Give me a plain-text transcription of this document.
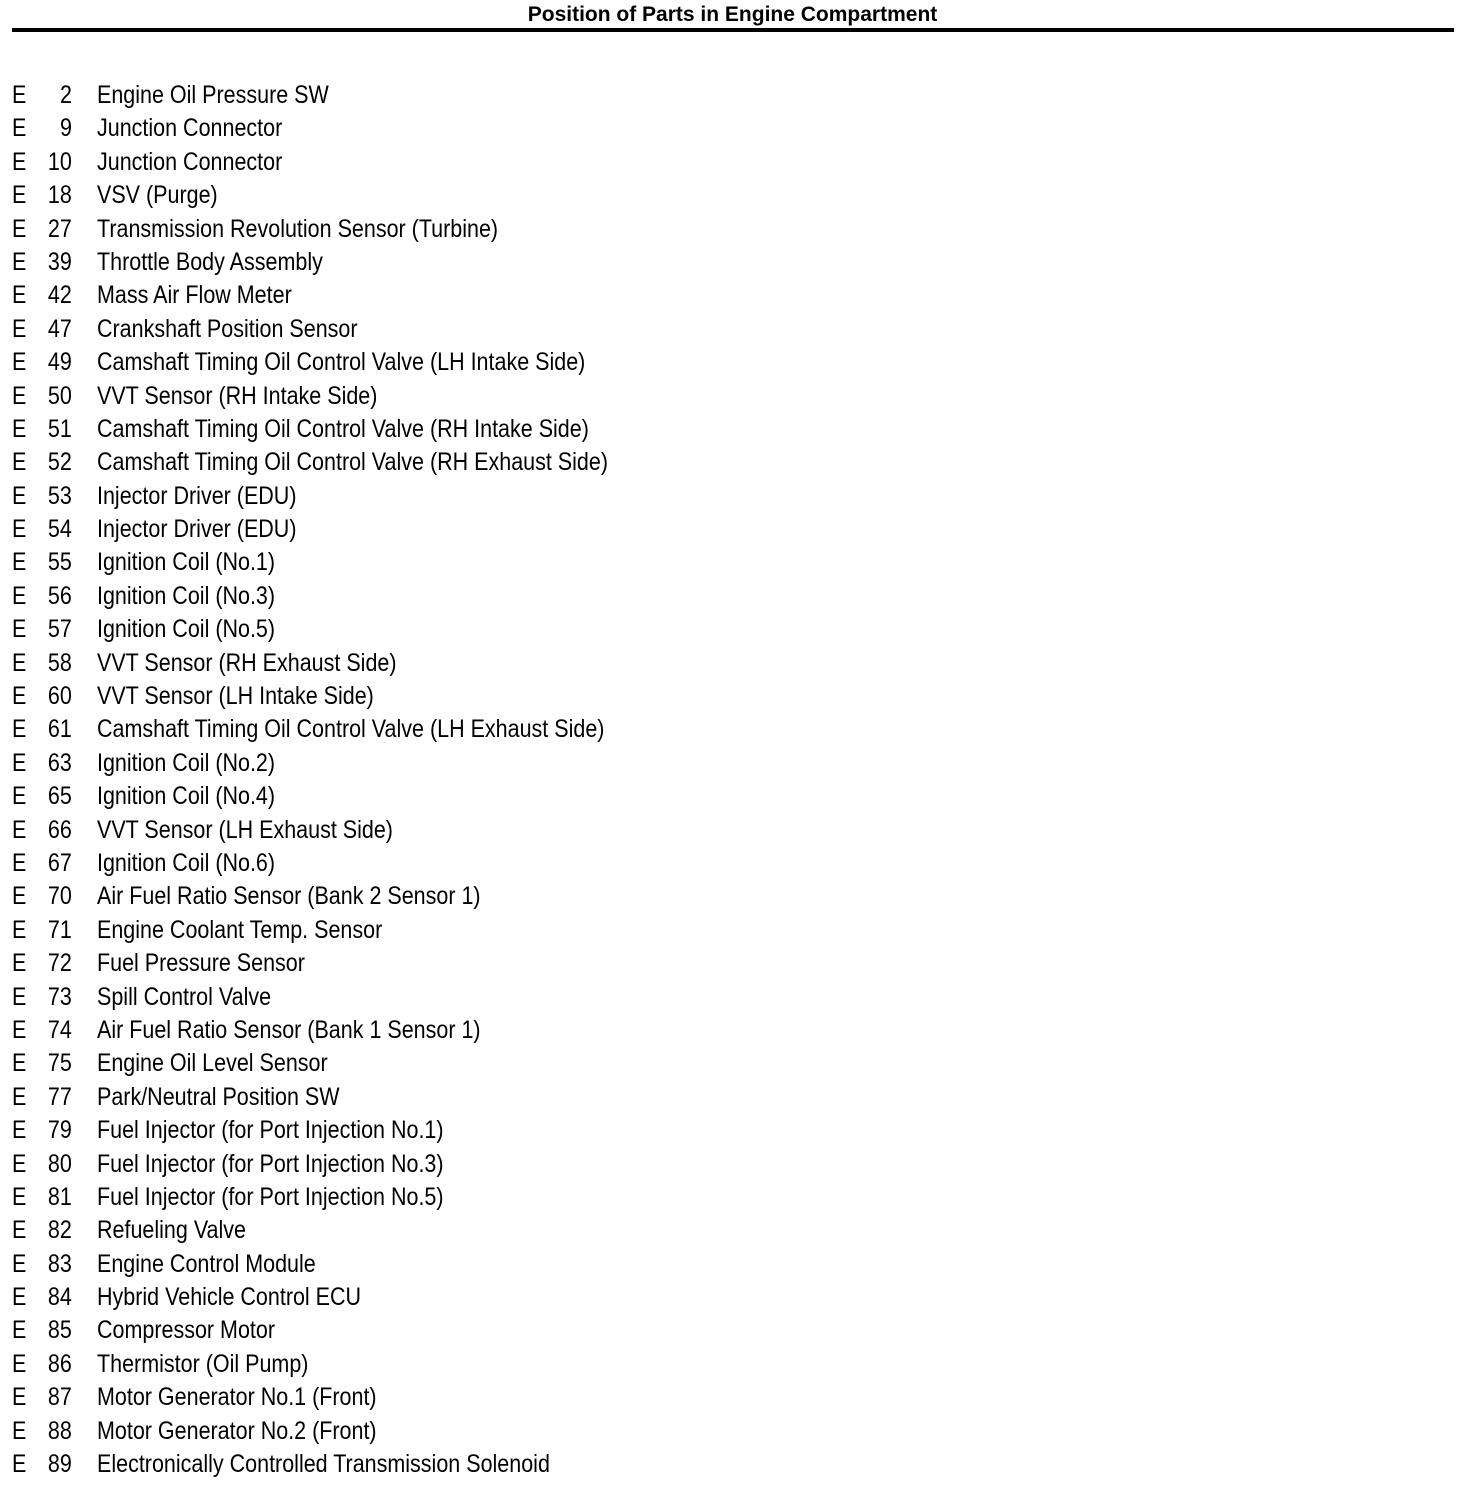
Position of Parts in Engine Compartment
E 2 Engine Oil Pressure SW
E 9 Junction Connector
E 10 Junction Connector
E 18 VSV (Purge)
E 27 Transmission Revolution Sensor (Turbine)
E 39 Throttle Body Assembly
E 42 Mass Air Flow Meter
E 47 Crankshaft Position Sensor
E 49 Camshaft Timing Oil Control Valve (LH Intake Side)
E 50 VVT Sensor (RH Intake Side)
E 51 Camshaft Timing Oil Control Valve (RH Intake Side)
E 52 Camshaft Timing Oil Control Valve (RH Exhaust Side)
E 53 Injector Driver (EDU)
E 54 Injector Driver (EDU)
E 55 Ignition Coil (No.1)
E 56 Ignition Coil (No.3)
E 57 Ignition Coil (No.5)
E 58 VVT Sensor (RH Exhaust Side)
E 60 VVT Sensor (LH Intake Side)
E 61 Camshaft Timing Oil Control Valve (LH Exhaust Side)
E 63 Ignition Coil (No.2)
E 65 Ignition Coil (No.4)
E 66 VVT Sensor (LH Exhaust Side)
E 67 Ignition Coil (No.6)
E 70 Air Fuel Ratio Sensor (Bank 2 Sensor 1)
E 71 Engine Coolant Temp. Sensor
E 72 Fuel Pressure Sensor
E 73 Spill Control Valve
E 74 Air Fuel Ratio Sensor (Bank 1 Sensor 1)
E 75 Engine Oil Level Sensor
E 77 Park/Neutral Position SW
E 79 Fuel Injector (for Port Injection No.1)
E 80 Fuel Injector (for Port Injection No.3)
E 81 Fuel Injector (for Port Injection No.5)
E 82 Refueling Valve
E 83 Engine Control Module
E 84 Hybrid Vehicle Control ECU
E 85 Compressor Motor
E 86 Thermistor (Oil Pump)
E 87 Motor Generator No.1 (Front)
E 88 Motor Generator No.2 (Front)
E 89 Electronically Controlled Transmission Solenoid
